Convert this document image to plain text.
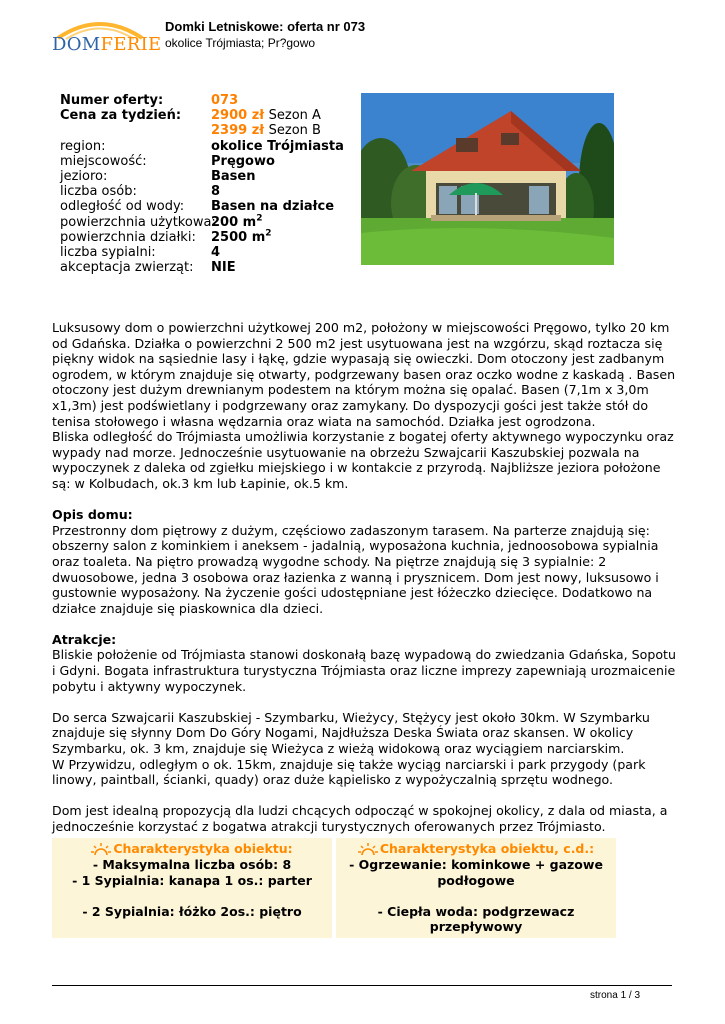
DOMFERIE
Domki Letniskowe: oferta nr 073
okolice Trójmiasta; Pr?gowo
Numer oferty:	073
Cena za tydzień: 2900 zł Sezon A
2399 zł Sezon B
region:	okolice Trójmiasta
miejscowość:	Pręgowo
jezioro:	Basen
liczba osób:	8
odległość od wody: Basen na działce
powierzchnia użytkowa:
200 $m^2$
powierzchnia działki: 2500 $m^2$
liczba sypialni:	4
akceptacja zwierząt: NIE

Luksusowy dom o powierzchni użytkowej 200 m2, położony w miejscowości Pręgowo, tylko 20 km od Gdańska. Działka o powierzchni 2 500 m2 jest usytuowana jest na wzgórzu, skąd roztacza się piękny widok na sąsiednie lasy i łąkę, gdzie wypasają się owieczki. Dom otoczony jest zadbanym ogrodem, w którym znajduje się otwarty, podgrzewany basen oraz oczko wodne z kaskadą . Basen otoczony jest dużym drewnianym podestem na którym można się opalać. Basen (7,1m x 3,0m x1,3m) jest podświetlany i podgrzewany oraz zamykany. Do dyspozycji gości jest także stół do tenisa stołowego i własna wędzarnia oraz wiata na samochód. Działka jest ogrodzona.

Bliska odległość do Trójmiasta umożliwia korzystanie z bogatej oferty aktywnego wypoczynku oraz wypady nad morze. Jednocześnie usytuowanie na obrzeżu Szwajcarii Kaszubskiej pozwala na wypoczynek z daleka od zgiełku miejskiego i w kontakcie z przyrodą. Najbliższe jeziora położone są: w Kolbudach, ok.3 km lub Łapinie, ok.5 km.

Opis domu:

Przestronny dom piętrowy z dużym, częściowo zadaszonym tarasem. Na parterze znajdują się: obszerny salon z kominkiem i aneksem - jadalnią, wyposażona kuchnia, jednoosobowa sypialnia oraz toaleta. Na piętro prowadzą wygodne schody. Na piętrze znajdują się 3 sypialnie: 2 dwuosobowe, jedna 3 osobowa oraz łazienka z wanną i prysznicem. Dom jest nowy, luksusowo i gustownie wyposażony. Na życzenie gości udostępniane jest łóżeczko dziecięce. Dodatkowo na działce znajduje się piaskownica dla dzieci.

Atrakcje:

Bliskie położenie od Trójmiasta stanowi doskonałą bazę wypadową do zwiedzania Gdańska, Sopotu i Gdyni. Bogata infrastruktura turystyczna Trójmiasta oraz liczne imprezy zapewniają urozmaicenie pobytu i aktywny wypoczynek.

Do serca Szwajcarii Kaszubskiej - Szymbarku, Wieżycy, Stężycy jest około 30km. W Szymbarku znajduje się słynny Dom Do Góry Nogami, Najdłuższa Deska Świata oraz skansen. W okolicy Szymbarku, ok. 3 km, znajduje się Wieżyca z wieżą widokową oraz wyciągiem narciarskim.

W Przywidzu, odległym o ok. 15km, znajduje się także wyciąg narciarski i park przygody (park linowy, paintball, ścianki, quady) oraz duże kąpielisko z wypożyczalnią sprzętu wodnego.

Dom jest idealną propozycją dla ludzi chcących odpocząć w spokojnej okolicy, z dala od miasta, a jednocześnie korzystać z bogatwa atrakcji turystycznych oferowanych przez Trójmiasto.

Charakterystyka obiektu:
- Maksymalna liczba osób: 8
- 1 Sypialnia: kanapa 1 os.: parter
- 2 Sypialnia: łóżko 2os.: piętro
Charakterystyka obiektu, c.d.:
- Ogrzewanie: kominkowe + gazowe podłogowe
- Ciepła woda: podgrzewacz przepływowy
strona 1 / 3
